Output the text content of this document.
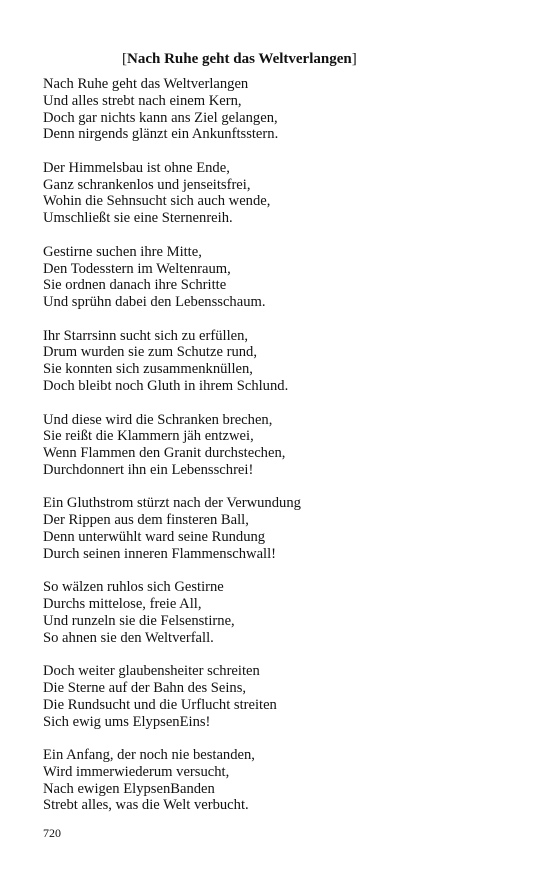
[Nach Ruhe geht das Weltverlangen]
Nach Ruhe geht das Weltverlangen
Und alles strebt nach einem Kern,
Doch gar nichts kann ans Ziel gelangen,
Denn nirgends glänzt ein Ankunftsstern.
Der Himmelsbau ist ohne Ende,
Ganz schrankenlos und jenseitsfrei,
Wohin die Sehnsucht sich auch wende,
Umschließt sie eine Sternenreih.
Gestirne suchen ihre Mitte,
Den Todesstern im Weltenraum,
Sie ordnen danach ihre Schritte
Und sprühn dabei den Lebensschaum.
Ihr Starrsinn sucht sich zu erfüllen,
Drum wurden sie zum Schutze rund,
Sie konnten sich zusammenknüllen,
Doch bleibt noch Gluth in ihrem Schlund.
Und diese wird die Schranken brechen,
Sie reißt die Klammern jäh entzwei,
Wenn Flammen den Granit durchstechen,
Durchdonnert ihn ein Lebensschrei!
Ein Gluthstrom stürzt nach der Verwundung
Der Rippen aus dem finsteren Ball,
Denn unterwühlt ward seine Rundung
Durch seinen inneren Flammenschwall!
So wälzen ruhlos sich Gestirne
Durchs mittelose, freie All,
Und runzeln sie die Felsenstirne,
So ahnen sie den Weltverfall.
Doch weiter glaubensheiter schreiten
Die Sterne auf der Bahn des Seins,
Die Rundsucht und die Urflucht streiten
Sich ewig ums ElypsenEins!
Ein Anfang, der noch nie bestanden,
Wird immerwiederum versucht,
Nach ewigen ElypsenBanden
Strebt alles, was die Welt verbucht.
720
